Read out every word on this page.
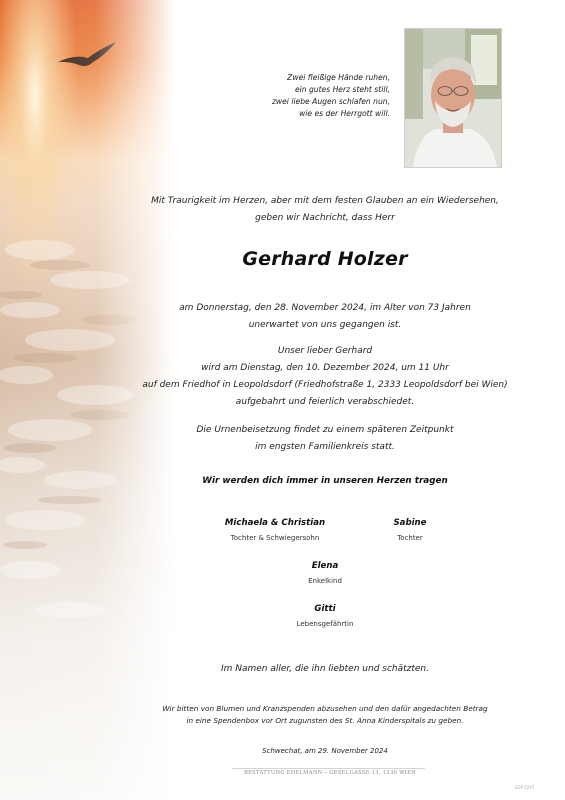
Zwei fleißige Hände ruhen,
ein gutes Herz steht still,
zwei liebe Augen schlafen nun,
wie es der Herrgott will.
Mit Traurigkeit im Herzen, aber mit dem festen Glauben an ein Wiedersehen,
geben wir Nachricht, dass Herr
Gerhard Holzer
am Donnerstag, den 28. November 2024, im Alter von 73 Jahren
unerwartet von uns gegangen ist.
Unser lieber Gerhard
wird am Dienstag, den 10. Dezember 2024, um 11 Uhr
auf dem Friedhof in Leopoldsdorf (Friedhofstraße 1, 2333 Leopoldsdorf bei Wien)
aufgebahrt und feierlich verabschiedet.
Die Urnenbeisetzung findet zu einem späteren Zeitpunkt
im engsten Familienkreis statt.
Wir werden dich immer in unseren Herzen tragen
Michaela & Christian
Tochter & Schwiegersohn
Sabine
Tochter
Elena
Enkelkind
Gitti
Lebensgefährtin
Im Namen aller, die ihn liebten und schätzten.
Wir bitten von Blumen und Kranzspenden abzusehen und den dafür angedachten Betrag
in eine Spendenbox vor Ort zugunsten des St. Anna Kinderspitals zu geben.
Schwechat, am 29. November 2024
BESTATTUNG EDELMANN – GESELGASSE 13, 1230 WIEN
EDP 0247
